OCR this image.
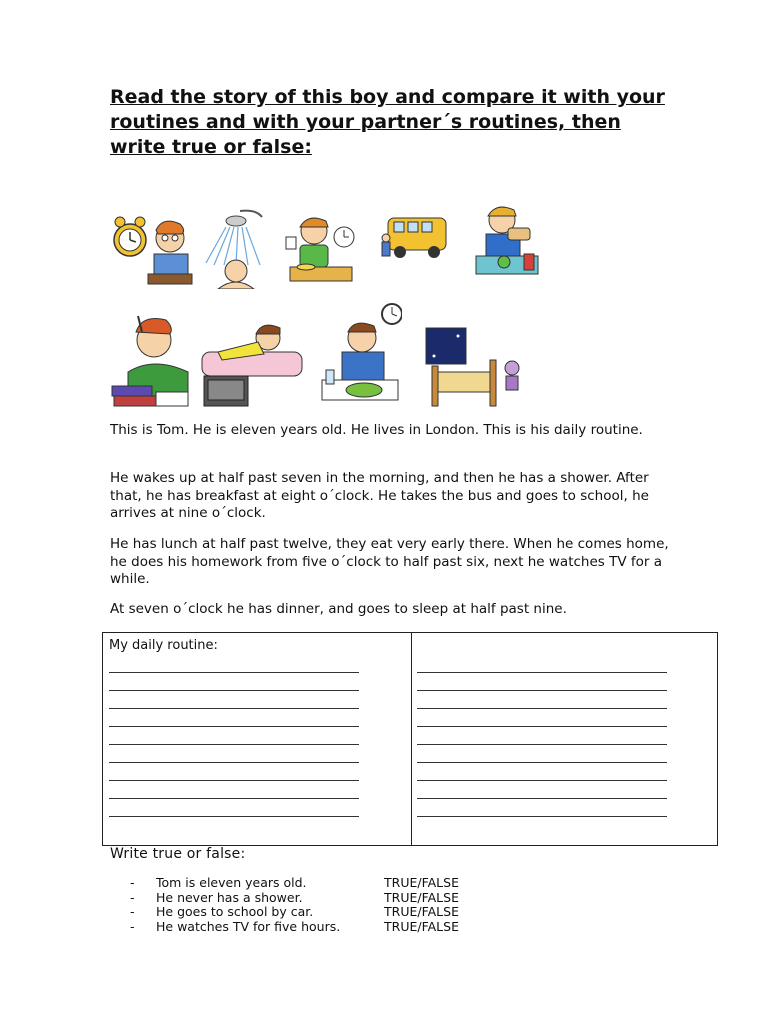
Read the story of this boy and compare it with your routines and with your partner´s routines, then write true or false:

This is Tom. He is eleven years old. He lives in London. This is his daily routine.

He wakes up at half past seven in the morning, and then he has a shower. After that, he has breakfast at eight o´clock. He takes the bus and goes to school, he arrives at nine o´clock.

He has lunch at half past twelve, they eat very early there. When he comes home, he does his homework from five o´clock to half past six, next he watches TV for a while.

At seven o´clock he has dinner, and goes to sleep at half past nine.

My daily routine:
Write true or false:
-	Tom is eleven years old.	TRUE/FALSE
-	He never has a shower.	TRUE/FALSE
-	He goes to school by car.	TRUE/FALSE
-	He watches TV for five hours.	TRUE/FALSE
